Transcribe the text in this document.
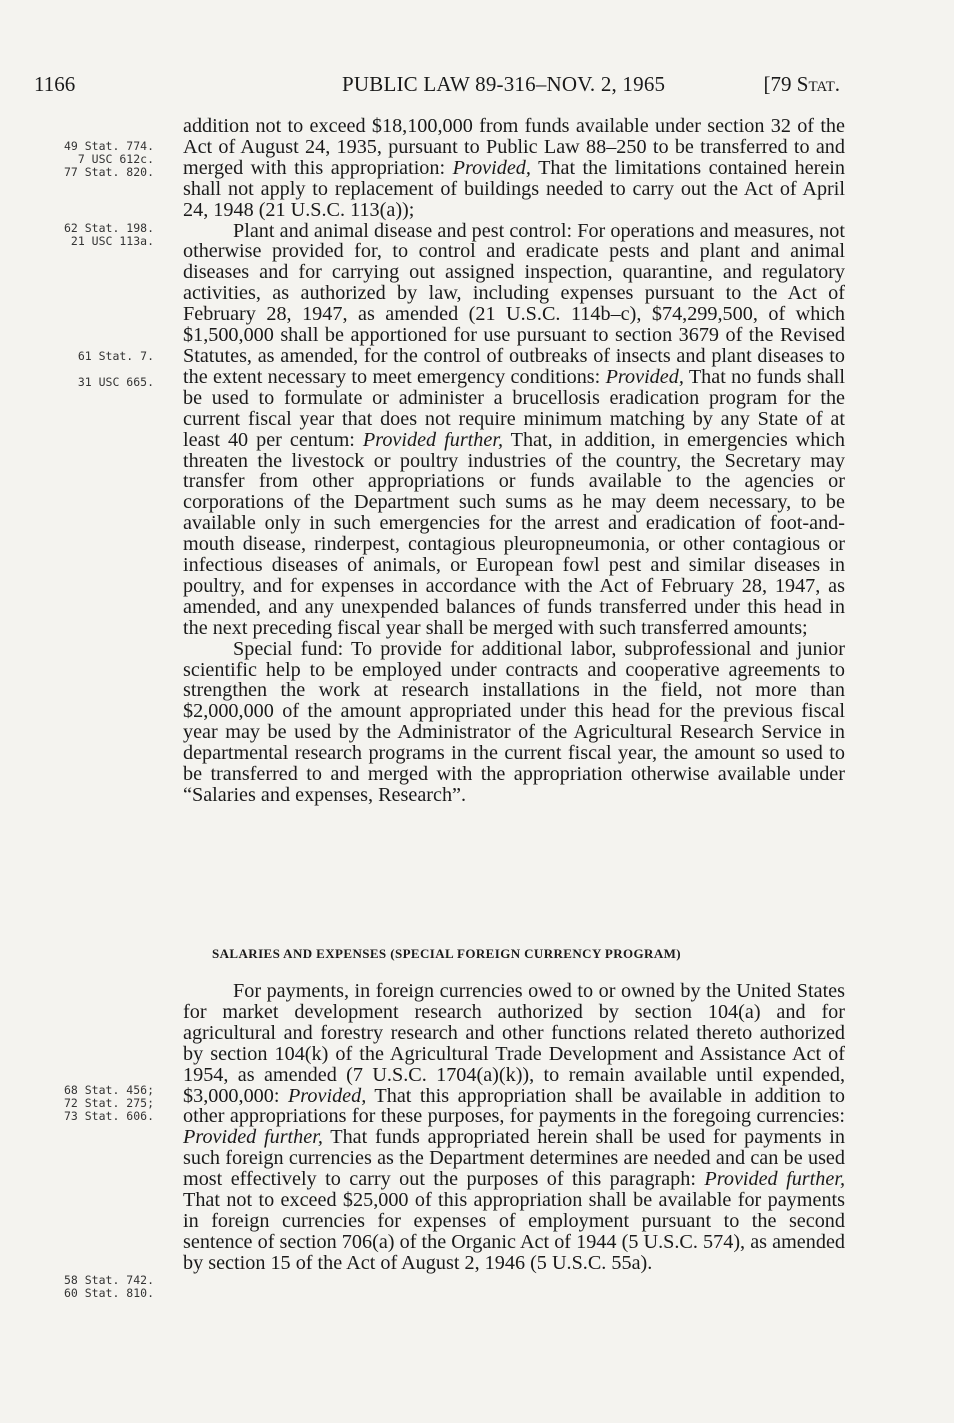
1166	PUBLIC LAW 89-316–NOV. 2, 1965	[79 Stat.
49 Stat. 774.
7 USC 612c.
77 Stat. 820.
62 Stat. 198.
21 USC 113a.
61 Stat. 7.
31 USC 665.
68 Stat. 456;
72 Stat. 275;
73 Stat. 606.
58 Stat. 742.
60 Stat. 810.

addition not to exceed $18,100,000 from funds available under section 32 of the Act of August 24, 1935, pursuant to Public Law 88–250 to be transferred to and merged with this appropriation: Provided, That the limitations contained herein shall not apply to replacement of buildings needed to carry out the Act of April 24, 1948 (21 U.S.C. 113(a));

Plant and animal disease and pest control: For operations and measures, not otherwise provided for, to control and eradicate pests and plant and animal diseases and for carrying out assigned inspection, quarantine, and regulatory activities, as authorized by law, including expenses pursuant to the Act of February 28, 1947, as amended (21 U.S.C. 114b–c), $74,299,500, of which $1,500,000 shall be apportioned for use pursuant to section 3679 of the Revised Statutes, as amended, for the control of outbreaks of insects and plant diseases to the extent necessary to meet emergency conditions: Provided, That no funds shall be used to formulate or administer a brucellosis eradication program for the current fiscal year that does not require minimum matching by any State of at least 40 per centum: Provided further, That, in addition, in emergencies which threaten the livestock or poultry industries of the country, the Secretary may transfer from other appropriations or funds available to the agencies or corporations of the Department such sums as he may deem necessary, to be available only in such emergencies for the arrest and eradication of foot-and-mouth disease, rinderpest, contagious pleuropneumonia, or other contagious or infectious diseases of animals, or European fowl pest and similar diseases in poultry, and for expenses in accordance with the Act of February 28, 1947, as amended, and any unexpended balances of funds transferred under this head in the next preceding fiscal year shall be merged with such transferred amounts;

Special fund: To provide for additional labor, subprofessional and junior scientific help to be employed under contracts and cooperative agreements to strengthen the work at research installations in the field, not more than $2,000,000 of the amount appropriated under this head for the previous fiscal year may be used by the Administrator of the Agricultural Research Service in departmental research programs in the current fiscal year, the amount so used to be transferred to and merged with the appropriation otherwise available under “Salaries and expenses, Research”.

SALARIES AND EXPENSES (SPECIAL FOREIGN CURRENCY PROGRAM)

For payments, in foreign currencies owed to or owned by the United States for market development research authorized by section 104(a) and for agricultural and forestry research and other functions related thereto authorized by section 104(k) of the Agricultural Trade Development and Assistance Act of 1954, as amended (7 U.S.C. 1704(a)(k)), to remain available until expended, $3,000,000: Provided, That this appropriation shall be available in addition to other appropriations for these purposes, for payments in the foregoing currencies: Provided further, That funds appropriated herein shall be used for payments in such foreign currencies as the Department determines are needed and can be used most effectively to carry out the purposes of this paragraph: Provided further, That not to exceed $25,000 of this appropriation shall be available for payments in foreign currencies for expenses of employment pursuant to the second sentence of section 706(a) of the Organic Act of 1944 (5 U.S.C. 574), as amended by section 15 of the Act of August 2, 1946 (5 U.S.C. 55a).
